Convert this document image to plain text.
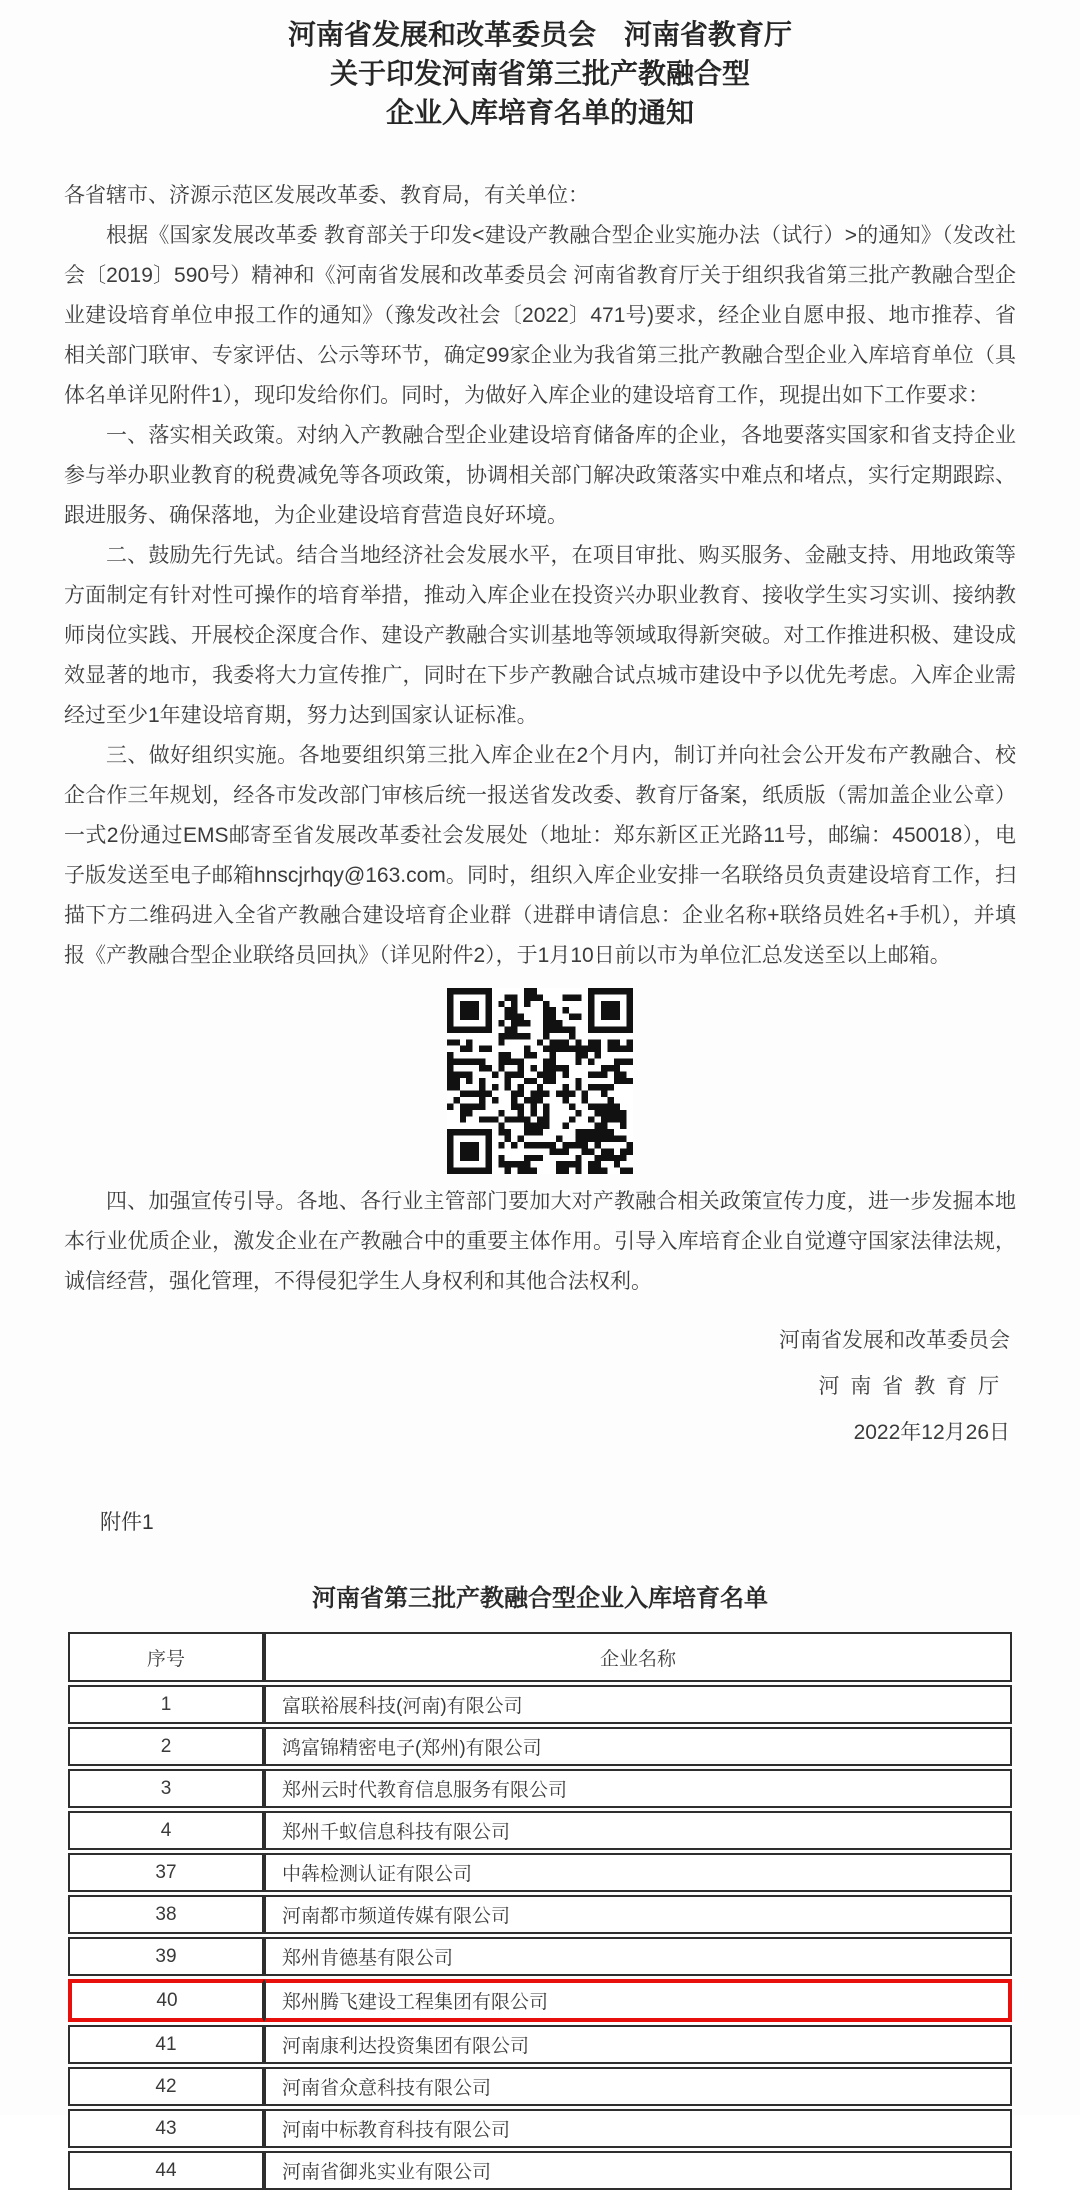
河南省发展和改革委员会　河南省教育厅
关于印发河南省第三批产教融合型
企业入库培育名单的通知
各省辖市、济源示范区发展改革委、教育局，有关单位：

根据《国家发展改革委 教育部关于印发<建设产教融合型企业实施办法（试行）>的通知》（发改社会〔2019〕590号）精神和《河南省发展和改革委员会 河南省教育厅关于组织我省第三批产教融合型企业建设培育单位申报工作的通知》（豫发改社会〔2022〕471号)要求，经企业自愿申报、地市推荐、省相关部门联审、专家评估、公示等环节，确定99家企业为我省第三批产教融合型企业入库培育单位（具体名单详见附件1），现印发给你们。同时，为做好入库企业的建设培育工作，现提出如下工作要求：

一、落实相关政策。对纳入产教融合型企业建设培育储备库的企业，各地要落实国家和省支持企业参与举办职业教育的税费减免等各项政策，协调相关部门解决政策落实中难点和堵点，实行定期跟踪、跟进服务、确保落地，为企业建设培育营造良好环境。

二、鼓励先行先试。结合当地经济社会发展水平，在项目审批、购买服务、金融支持、用地政策等方面制定有针对性可操作的培育举措，推动入库企业在投资兴办职业教育、接收学生实习实训、接纳教师岗位实践、开展校企深度合作、建设产教融合实训基地等领域取得新突破。对工作推进积极、建设成效显著的地市，我委将大力宣传推广，同时在下步产教融合试点城市建设中予以优先考虑。入库企业需经过至少1年建设培育期，努力达到国家认证标准。

三、做好组织实施。各地要组织第三批入库企业在2个月内，制订并向社会公开发布产教融合、校企合作三年规划，经各市发改部门审核后统一报送省发改委、教育厅备案，纸质版（需加盖企业公章）一式2份通过EMS邮寄至省发展改革委社会发展处（地址：郑东新区正光路11号，邮编：450018），电子版发送至电子邮箱hnscjrhqy@163.com。同时，组织入库企业安排一名联络员负责建设培育工作，扫描下方二维码进入全省产教融合建设培育企业群（进群申请信息：企业名称+联络员姓名+手机），并填报《产教融合型企业联络员回执》（详见附件2），于1月10日前以市为单位汇总发送至以上邮箱。

四、加强宣传引导。各地、各行业主管部门要加大对产教融合相关政策宣传力度，进一步发掘本地本行业优质企业，激发企业在产教融合中的重要主体作用。引导入库培育企业自觉遵守国家法律法规，诚信经营，强化管理，不得侵犯学生人身权利和其他合法权利。

河南省发展和改革委员会
河南省教育厅
2022年12月26日
附件1
河南省第三批产教融合型企业入库培育名单
序号	企业名称
1	富联裕展科技(河南)有限公司
2	鸿富锦精密电子(郑州)有限公司
3	郑州云时代教育信息服务有限公司
4	郑州千蚁信息科技有限公司
37	中犇检测认证有限公司
38	河南都市频道传媒有限公司
39	郑州肯德基有限公司
40	郑州腾飞建设工程集团有限公司
41	河南康利达投资集团有限公司
42	河南省众意科技有限公司
43	河南中标教育科技有限公司
44	河南省御兆实业有限公司
